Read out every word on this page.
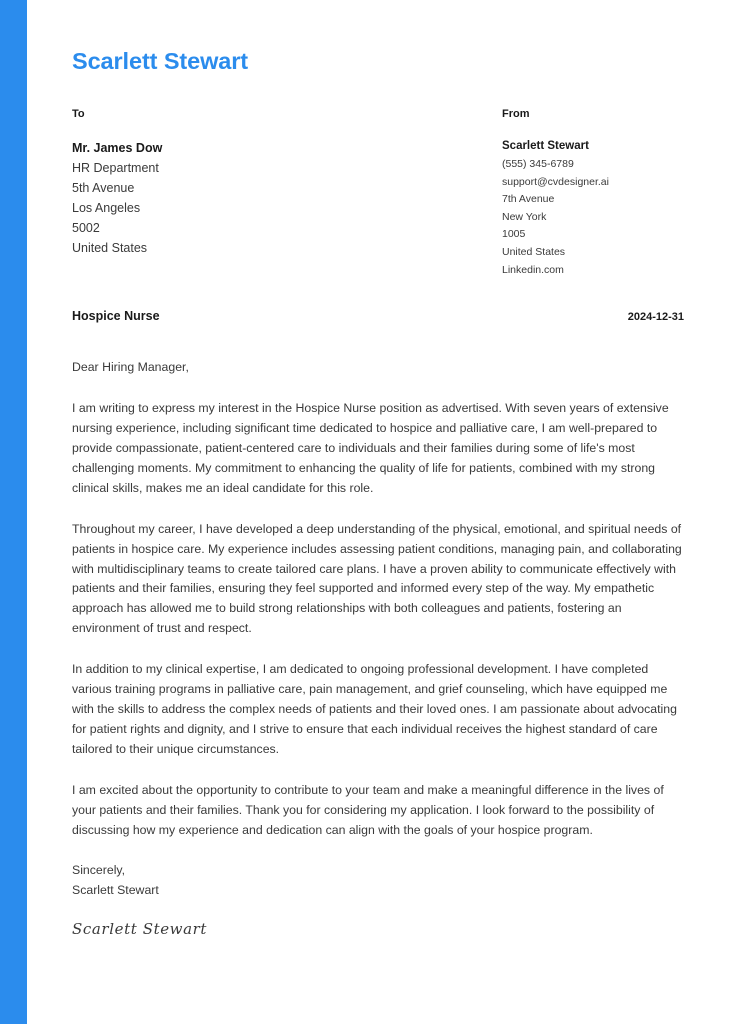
Scarlett Stewart
To
Mr. James Dow
HR Department
5th Avenue
Los Angeles
5002
United States
From
Scarlett Stewart
(555) 345-6789
support@cvdesigner.ai
7th Avenue
New York
1005
United States
Linkedin.com
Hospice Nurse	2024-12-31
Dear Hiring Manager,

I am writing to express my interest in the Hospice Nurse position as advertised. With seven years of extensive nursing experience, including significant time dedicated to hospice and palliative care, I am well-prepared to provide compassionate, patient-centered care to individuals and their families during some of life's most challenging moments. My commitment to enhancing the quality of life for patients, combined with my strong clinical skills, makes me an ideal candidate for this role.

Throughout my career, I have developed a deep understanding of the physical, emotional, and spiritual needs of patients in hospice care. My experience includes assessing patient conditions, managing pain, and collaborating with multidisciplinary teams to create tailored care plans. I have a proven ability to communicate effectively with patients and their families, ensuring they feel supported and informed every step of the way. My empathetic approach has allowed me to build strong relationships with both colleagues and patients, fostering an environment of trust and respect.

In addition to my clinical expertise, I am dedicated to ongoing professional development. I have completed various training programs in palliative care, pain management, and grief counseling, which have equipped me with the skills to address the complex needs of patients and their loved ones. I am passionate about advocating for patient rights and dignity, and I strive to ensure that each individual receives the highest standard of care tailored to their unique circumstances.

I am excited about the opportunity to contribute to your team and make a meaningful difference in the lives of your patients and their families. Thank you for considering my application. I look forward to the possibility of discussing how my experience and dedication can align with the goals of your hospice program.

Sincerely,
Scarlett Stewart
Scarlett Stewart
